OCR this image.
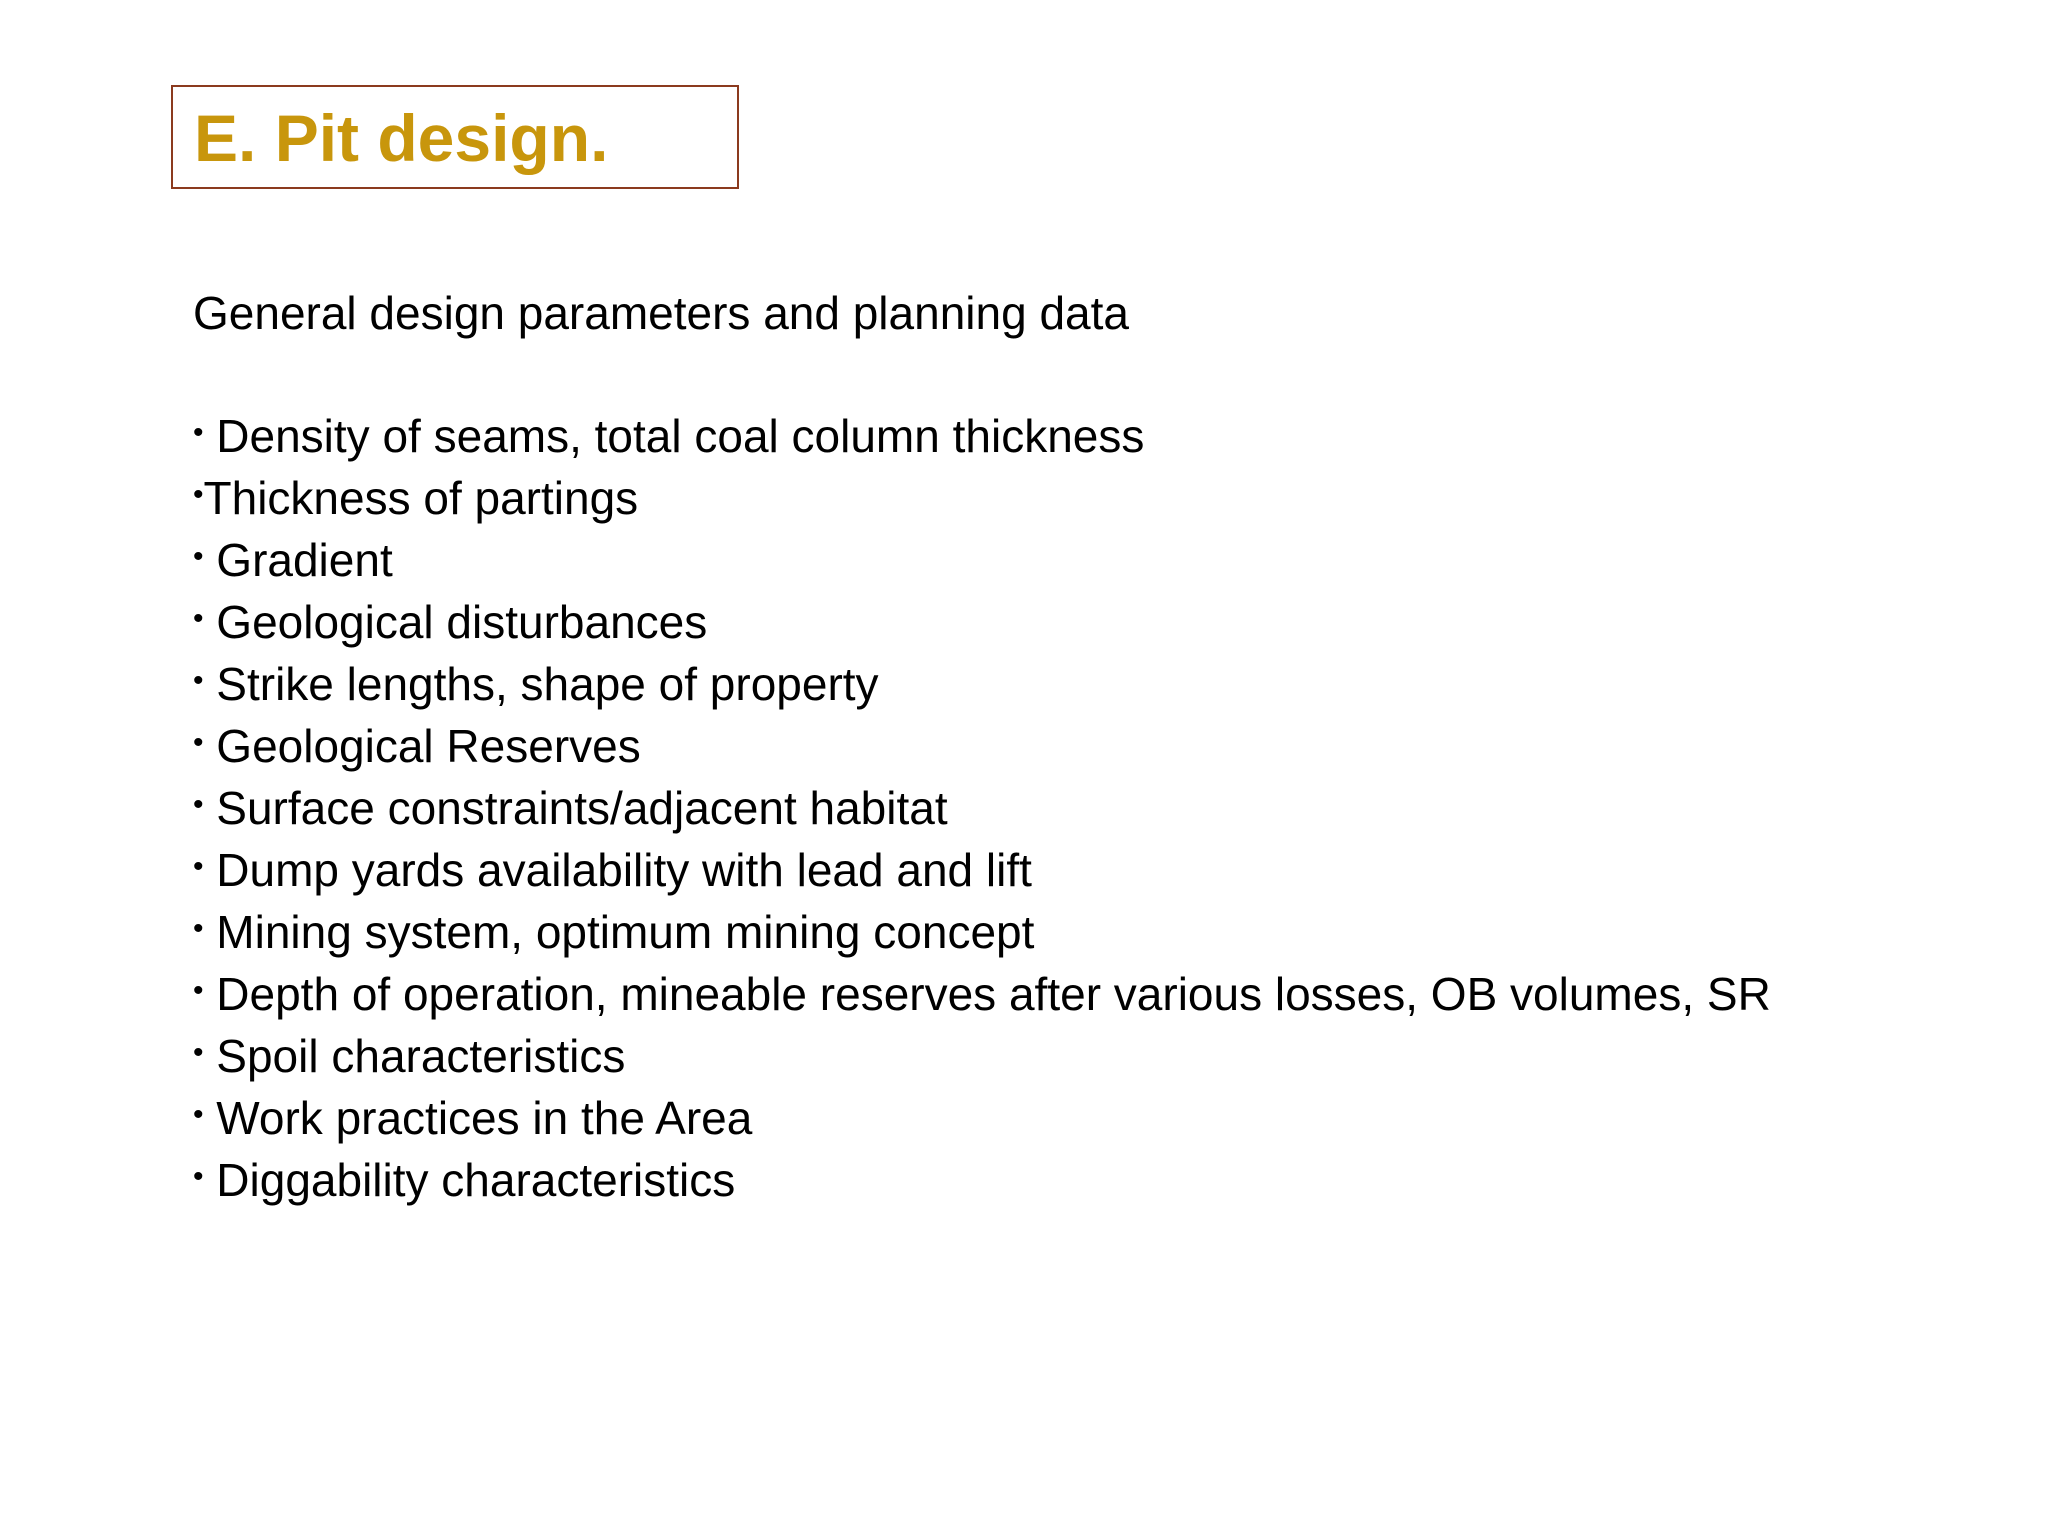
E. Pit design.
General design parameters and planning data
• Density of seams, total coal column thickness
•Thickness of partings
• Gradient
• Geological disturbances
• Strike lengths, shape of property
• Geological Reserves
• Surface constraints/adjacent habitat
• Dump yards availability with lead and lift
• Mining system, optimum mining concept
• Depth of operation, mineable reserves after various losses, OB volumes, SR
• Spoil characteristics
• Work practices in the Area
• Diggability characteristics
